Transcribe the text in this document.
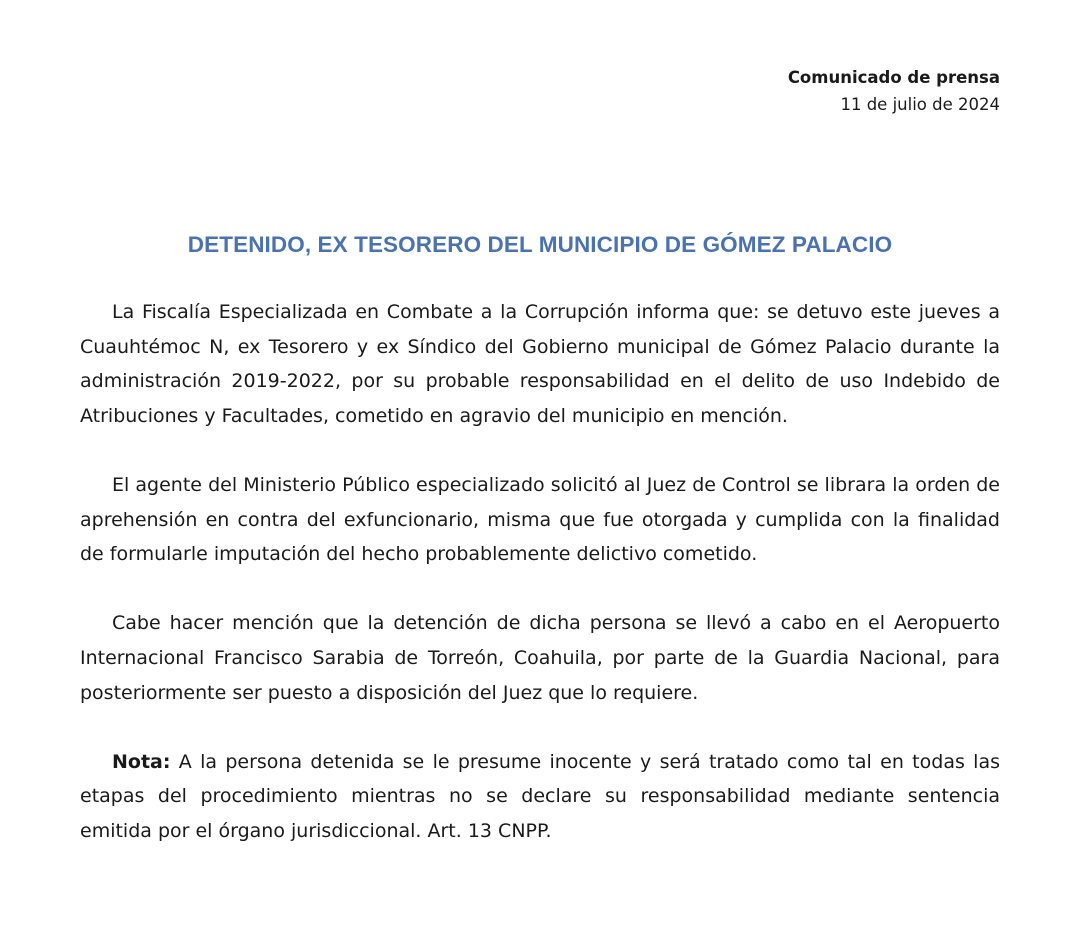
Comunicado de prensa
11 de julio de 2024
DETENIDO, EX TESORERO DEL MUNICIPIO DE GÓMEZ PALACIO

La Fiscalía Especializada en Combate a la Corrupción informa que: se detuvo este jueves a Cuauhtémoc N, ex Tesorero y ex Síndico del Gobierno municipal de Gómez Palacio durante la administración 2019-2022, por su probable responsabilidad en el delito de uso Indebido de Atribuciones y Facultades, cometido en agravio del municipio en mención.

El agente del Ministerio Público especializado solicitó al Juez de Control se librara la orden de aprehensión en contra del exfuncionario, misma que fue otorgada y cumplida con la finalidad de formularle imputación del hecho probablemente delictivo cometido.

Cabe hacer mención que la detención de dicha persona se llevó a cabo en el Aeropuerto Internacional Francisco Sarabia de Torreón, Coahuila, por parte de la Guardia Nacional, para posteriormente ser puesto a disposición del Juez que lo requiere.

Nota: A la persona detenida se le presume inocente y será tratado como tal en todas las etapas del procedimiento mientras no se declare su responsabilidad mediante sentencia emitida por el órgano jurisdiccional. Art. 13 CNPP.
